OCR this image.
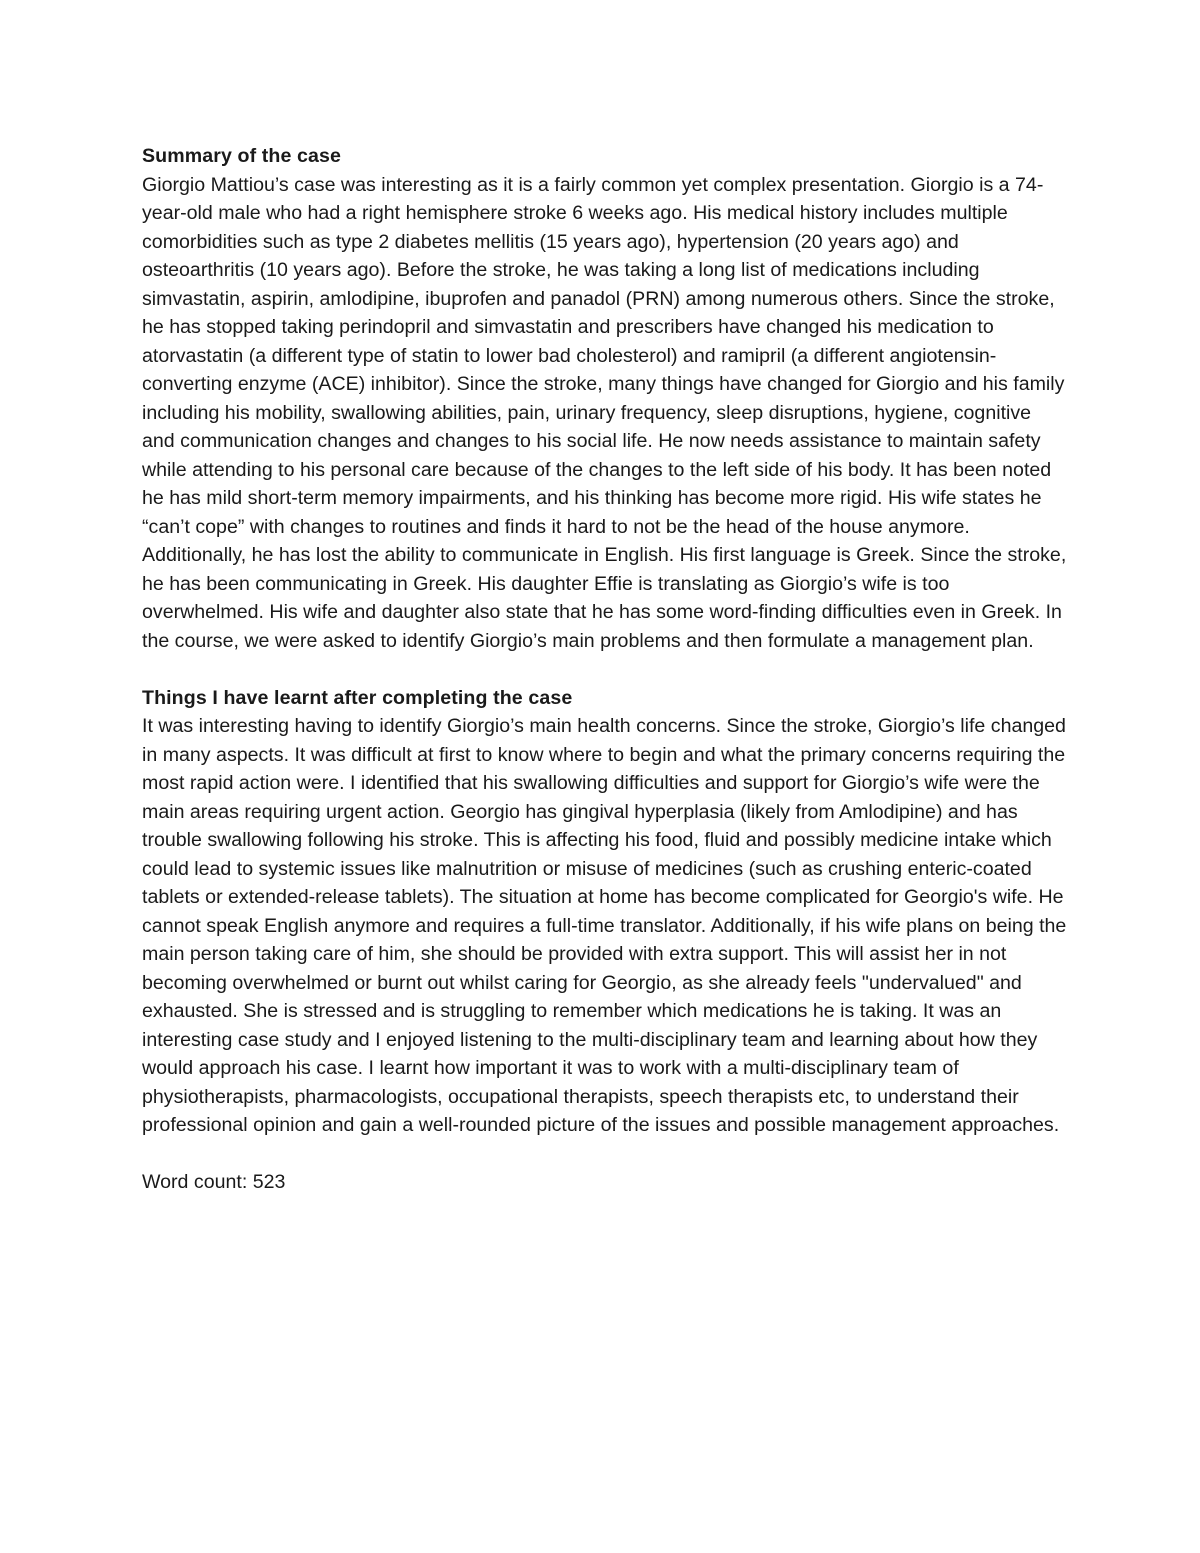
Summary of the case
Giorgio Mattiou’s case was interesting as it is a fairly common yet complex presentation. Giorgio is a 74-year-old male who had a right hemisphere stroke 6 weeks ago. His medical history includes multiple comorbidities such as type 2 diabetes mellitis (15 years ago), hypertension (20 years ago) and osteoarthritis (10 years ago). Before the stroke, he was taking a long list of medications including simvastatin, aspirin, amlodipine, ibuprofen and panadol (PRN) among numerous others. Since the stroke, he has stopped taking perindopril and simvastatin and prescribers have changed his medication to atorvastatin (a different type of statin to lower bad cholesterol) and ramipril (a different angiotensin-converting enzyme (ACE) inhibitor). Since the stroke, many things have changed for Giorgio and his family including his mobility, swallowing abilities, pain, urinary frequency, sleep disruptions, hygiene, cognitive and communication changes and changes to his social life. He now needs assistance to maintain safety while attending to his personal care because of the changes to the left side of his body. It has been noted he has mild short-term memory impairments, and his thinking has become more rigid. His wife states he “can’t cope” with changes to routines and finds it hard to not be the head of the house anymore. Additionally, he has lost the ability to communicate in English. His first language is Greek. Since the stroke, he has been communicating in Greek. His daughter Effie is translating as Giorgio’s wife is too overwhelmed. His wife and daughter also state that he has some word-finding difficulties even in Greek. In the course, we were asked to identify Giorgio’s main problems and then formulate a management plan.
Things I have learnt after completing the case
It was interesting having to identify Giorgio’s main health concerns. Since the stroke, Giorgio’s life changed in many aspects. It was difficult at first to know where to begin and what the primary concerns requiring the most rapid action were. I identified that his swallowing difficulties and support for Giorgio’s wife were the main areas requiring urgent action. Georgio has gingival hyperplasia (likely from Amlodipine) and has trouble swallowing following his stroke. This is affecting his food, fluid and possibly medicine intake which could lead to systemic issues like malnutrition or misuse of medicines (such as crushing enteric-coated tablets or extended-release tablets). The situation at home has become complicated for Georgio's wife. He cannot speak English anymore and requires a full-time translator. Additionally, if his wife plans on being the main person taking care of him, she should be provided with extra support. This will assist her in not becoming overwhelmed or burnt out whilst caring for Georgio, as she already feels "undervalued" and exhausted. She is stressed and is struggling to remember which medications he is taking. It was an interesting case study and I enjoyed listening to the multi-disciplinary team and learning about how they would approach his case. I learnt how important it was to work with a multi-disciplinary team of physiotherapists, pharmacologists, occupational therapists, speech therapists etc, to understand their professional opinion and gain a well-rounded picture of the issues and possible management approaches.
Word count: 523
